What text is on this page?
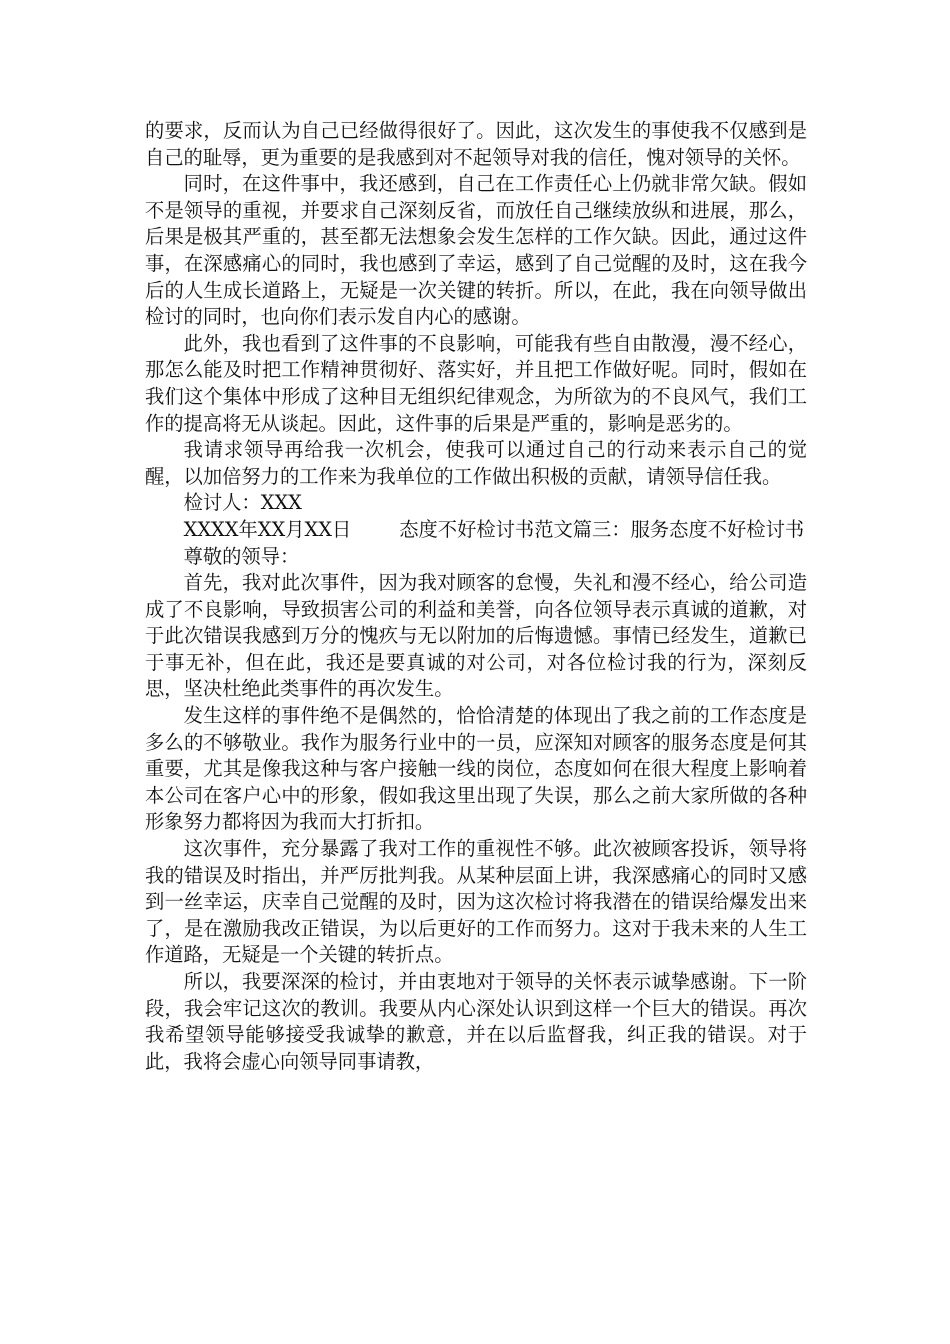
的要求，反而认为自己已经做得很好了。因此，这次发生的事使我不仅感到是自己的耻辱，更为重要的是我感到对不起领导对我的信任，愧对领导的关怀。

同时，在这件事中，我还感到，自己在工作责任心上仍就非常欠缺。假如不是领导的重视，并要求自己深刻反省，而放任自己继续放纵和进展，那么，后果是极其严重的，甚至都无法想象会发生怎样的工作欠缺。因此，通过这件事，在深感痛心的同时，我也感到了幸运，感到了自己觉醒的及时，这在我今后的人生成长道路上，无疑是一次关键的转折。所以，在此，我在向领导做出检讨的同时，也向你们表示发自内心的感谢。

此外，我也看到了这件事的不良影响，可能我有些自由散漫，漫不经心，那怎么能及时把工作精神贯彻好、落实好，并且把工作做好呢。同时，假如在我们这个集体中形成了这种目无组织纪律观念，为所欲为的不良风气，我们工作的提高将无从谈起。因此，这件事的后果是严重的，影响是恶劣的。

我请求领导再给我一次机会，使我可以通过自己的行动来表示自己的觉醒，以加倍努力的工作来为我单位的工作做出积极的贡献，请领导信任我。

检讨人：XXX

XXXX年XX月XX日 态度不好检讨书范文篇三：服务态度不好检讨书

尊敬的领导：

首先，我对此次事件，因为我对顾客的怠慢，失礼和漫不经心，给公司造成了不良影响，导致损害公司的利益和美誉，向各位领导表示真诚的道歉，对于此次错误我感到万分的愧疚与无以附加的后悔遗憾。事情已经发生，道歉已于事无补，但在此，我还是要真诚的对公司，对各位检讨我的行为，深刻反思，坚决杜绝此类事件的再次发生。

发生这样的事件绝不是偶然的，恰恰清楚的体现出了我之前的工作态度是多么的不够敬业。我作为服务行业中的一员，应深知对顾客的服务态度是何其重要，尤其是像我这种与客户接触一线的岗位，态度如何在很大程度上影响着本公司在客户心中的形象，假如我这里出现了失误，那么之前大家所做的各种形象努力都将因为我而大打折扣。

这次事件，充分暴露了我对工作的重视性不够。此次被顾客投诉，领导将我的错误及时指出，并严厉批判我。从某种层面上讲，我深感痛心的同时又感到一丝幸运，庆幸自己觉醒的及时，因为这次检讨将我潜在的错误给爆发出来了，是在激励我改正错误，为以后更好的工作而努力。这对于我未来的人生工作道路，无疑是一个关键的转折点。

所以，我要深深的检讨，并由衷地对于领导的关怀表示诚挚感谢。下一阶段，我会牢记这次的教训。我要从内心深处认识到这样一个巨大的错误。再次我希望领导能够接受我诚挚的歉意，并在以后监督我，纠正我的错误。对于此，我将会虚心向领导同事请教，
